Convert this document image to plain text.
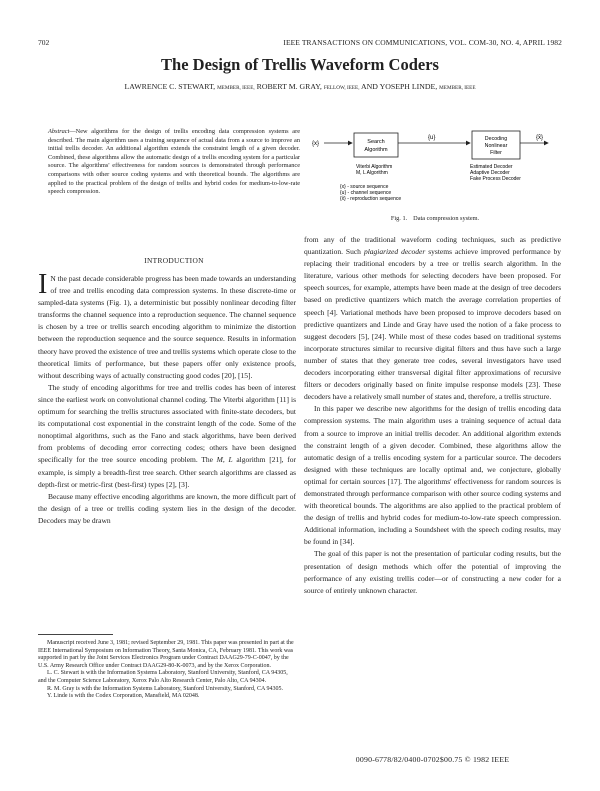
702	IEEE TRANSACTIONS ON COMMUNICATIONS, VOL. COM-30, NO. 4, APRIL 1982
The Design of Trellis Waveform Coders
LAWRENCE C. STEWART, MEMBER, IEEE, ROBERT M. GRAY, FELLOW, IEEE, AND YOSEPH LINDE, MEMBER, IEEE
Abstract—New algorithms for the design of trellis encoding data compression systems are described. The main algorithm uses a training sequence of actual data from a source to improve an initial trellis decoder. An additional algorithm extends the constraint length of a given decoder. Combined, these algorithms allow the automatic design of a trellis encoding system for a particular source. The algorithms' effectiveness for random sources is demonstrated through performance comparisons with other source coding systems and with theoretical bounds. The algorithms are applied to the practical problem of the design of trellis and hybrid codes for medium-to-low-rate speech compression.
INTRODUCTION

I N the past decade considerable progress has been made towards an understanding of tree and trellis encoding data compression systems. In these discrete-time or sampled-data systems (Fig. 1), a deterministic but possibly nonlinear decoding filter transforms the channel sequence into a reproduction sequence. The channel sequence is chosen by a tree or trellis search encoding algorithm to minimize the distortion between the reproduction sequence and the source sequence. Results in information theory have proved the existence of tree and trellis systems which operate close to the theoretical limits of performance, but these papers offer only existence proofs, without describing ways of actually constructing good codes [20], [15].

The study of encoding algorithms for tree and trellis codes has been of interest since the earliest work on convolutional channel coding. The Viterbi algorithm [11] is optimum for searching the trellis structures associated with finite-state decoders, but its computational cost exponential in the constraint length of the code. Some of the nonoptimal algorithms, such as the Fano and stack algorithms, have been derived from problems of decoding error correcting codes; others have been designed specifically for the tree source encoding problem. The M, L algorithm [21], for example, is simply a breadth-first tree search. Other search algorithms are classed as depth-first or metric-first (best-first) types [2], [3].

Because many effective encoding algorithms are known, the more difficult part of the design of a tree or trellis coding system lies in the design of the decoder. Decoders may be drawn

Manuscript received June 3, 1981; revised September 29, 1981. This paper was presented in part at the IEEE International Symposium on Information Theory, Santa Monica, CA, February 1981. This work was supported in part by the Joint Services Electronics Program under Contract DAAG29-79-C-0047, by the U.S. Army Research Office under Contract DAAG29-80-K-0073, and by the Xerox Corporation.

L. C. Stewart is with the Information Systems Laboratory, Stanford University, Stanford, CA 94305, and the Computer Science Laboratory, Xerox Palo Alto Research Center, Palo Alto, CA 94304.

R. M. Gray is with the Information Systems Laboratory, Stanford University, Stanford, CA 94305.

Y. Linde is with the Codex Corporation, Mansfield, MA 02048.

{x}	Search
Algorithm
{u}	Decoding
Nonlinear
Filter
{x̂}
Viterbi Algorithm
M, L Algorithm
Estimated Decoder
Adaptive Decoder
Fake Process Decoder
{x} - source sequence
{u} - channel sequence
{x̂} - reproduction sequence
Fig. 1. Data compression system.

from any of the traditional waveform coding techniques, such as predictive quantization. Such plagiarized decoder systems achieve improved performance by replacing their traditional encoders by a tree or trellis search algorithm. In the literature, various other methods for selecting decoders have been proposed. For speech sources, for example, attempts have been made at the design of tree decoders based on predictive quantizers which match the average correlation properties of speech [4]. Variational methods have been proposed to improve decoders based on predictive quantizers and Linde and Gray have used the notion of a fake process to suggest decoders [5], [24]. While most of these codes based on traditional systems incorporate structures similar to recursive digital filters and thus have such a large number of states that they generate tree codes, several investigators have used decoders incorporating either transversal digital filter approximations of recursive filters or decoders originally based on finite impulse response models [23]. These decoders have a relatively small number of states and, therefore, a trellis structure.

In this paper we describe new algorithms for the design of trellis encoding data compression systems. The main algorithm uses a training sequence of actual data from a source to improve an initial trellis decoder. An additional algorithm extends the constraint length of a given decoder. Combined, these algorithms allow the automatic design of a trellis encoding system for a particular source. The decoders designed with these techniques are locally optimal and, we conjecture, globally optimal for certain sources [17]. The algorithms' effectiveness for random sources is demonstrated through performance comparison with other source coding systems and with theoretical bounds. The algorithms are also applied to the practical problem of the design of trellis and hybrid codes for medium-to-low-rate speech compression. Additional information, including a Soundsheet with the speech coding results, may be found in [34].

The goal of this paper is not the presentation of particular coding results, but the presentation of design methods which offer the potential of improving the performance of any existing trellis coder—or of constructing a new coder for a source of entirely unknown character.

0090-6778/82/0400-0702$00.75 © 1982 IEEE
